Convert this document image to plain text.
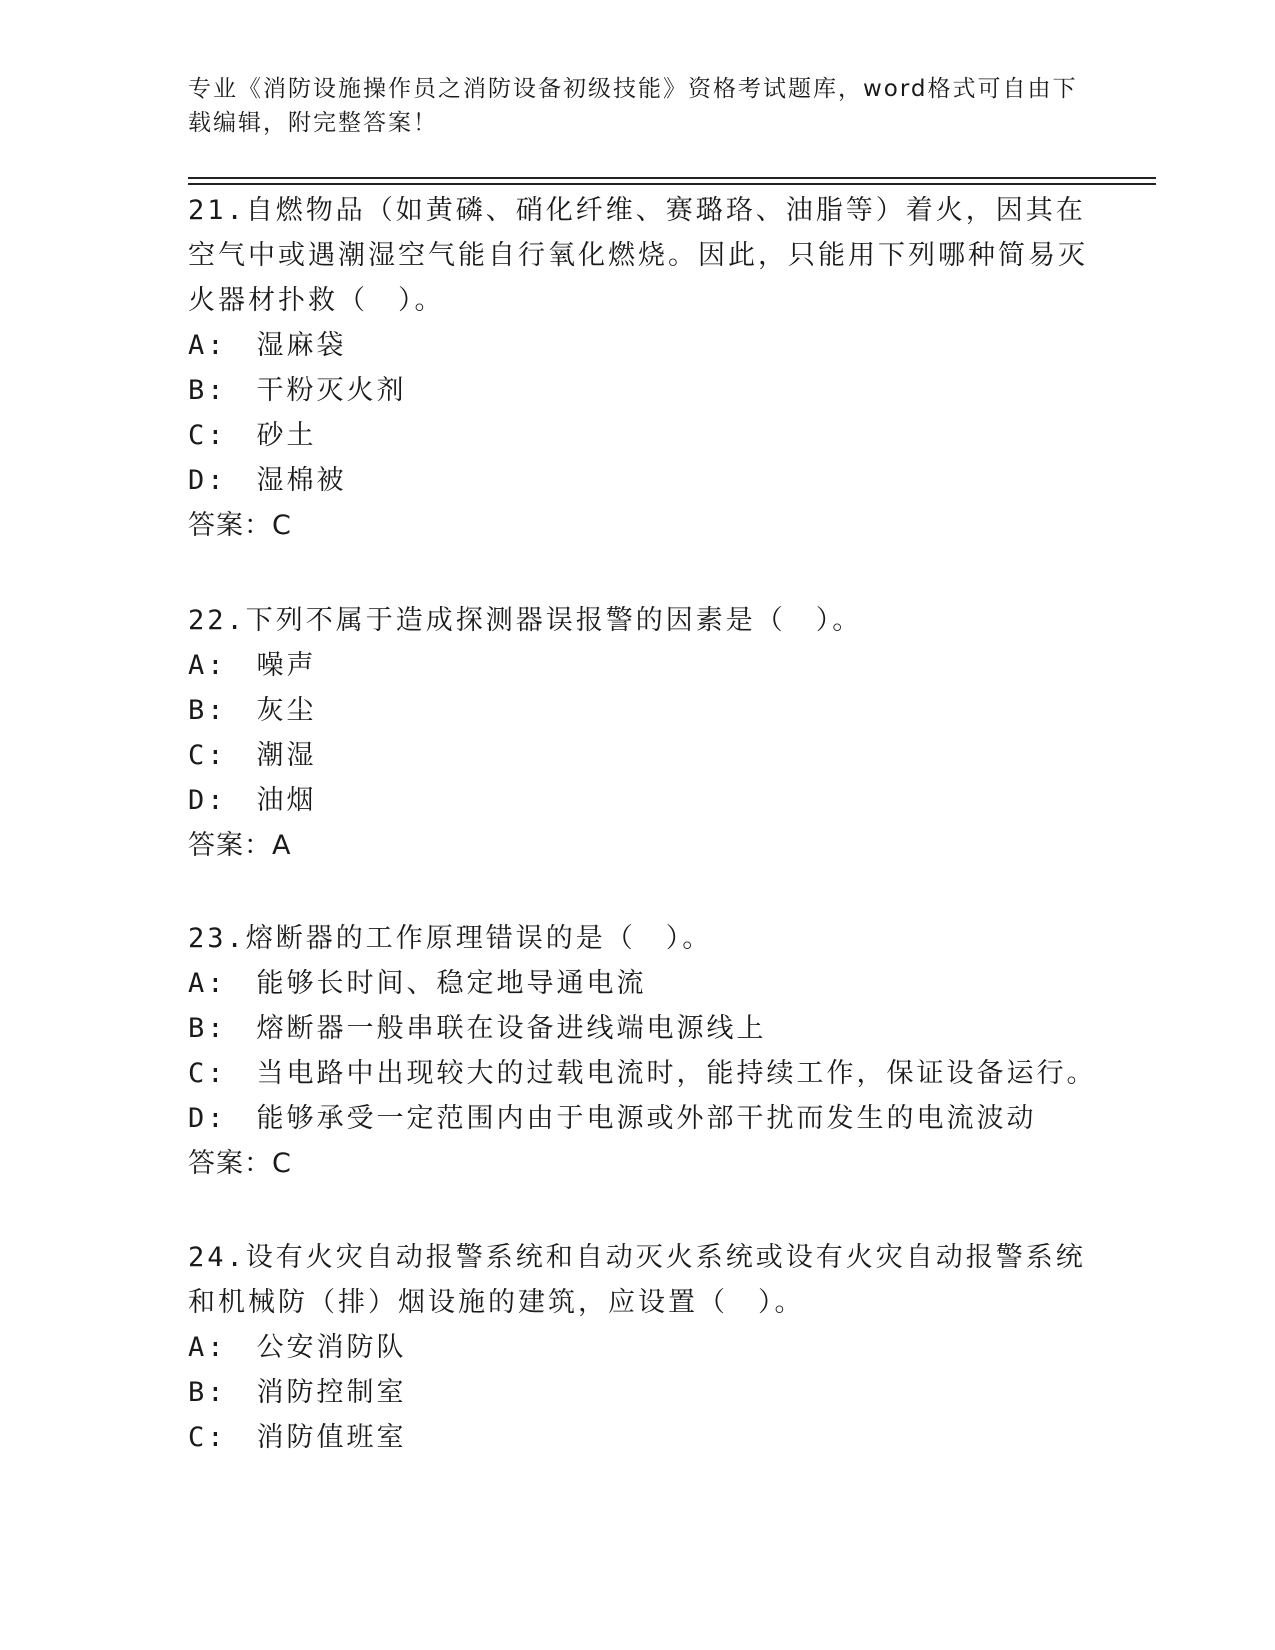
专业《消防设施操作员之消防设备初级技能》资格考试题库，word格式可自由下载编辑，附完整答案！
21.自燃物品（如黄磷、硝化纤维、赛璐珞、油脂等）着火，因其在空气中或遇潮湿空气能自行氧化燃烧。因此，只能用下列哪种简易灭火器材扑救（　）。
A:　湿麻袋
B:　干粉灭火剂
C:　砂土
D:　湿棉被
答案：C
22.下列不属于造成探测器误报警的因素是（　）。
A:　噪声
B:　灰尘
C:　潮湿
D:　油烟
答案：A
23.熔断器的工作原理错误的是（　）。
A:　能够长时间、稳定地导通电流
B:　熔断器一般串联在设备进线端电源线上
C:　当电路中出现较大的过载电流时，能持续工作，保证设备运行。
D:　能够承受一定范围内由于电源或外部干扰而发生的电流波动
答案：C
24.设有火灾自动报警系统和自动灭火系统或设有火灾自动报警系统和机械防（排）烟设施的建筑，应设置（　）。
A:　公安消防队
B:　消防控制室
C:　消防值班室
